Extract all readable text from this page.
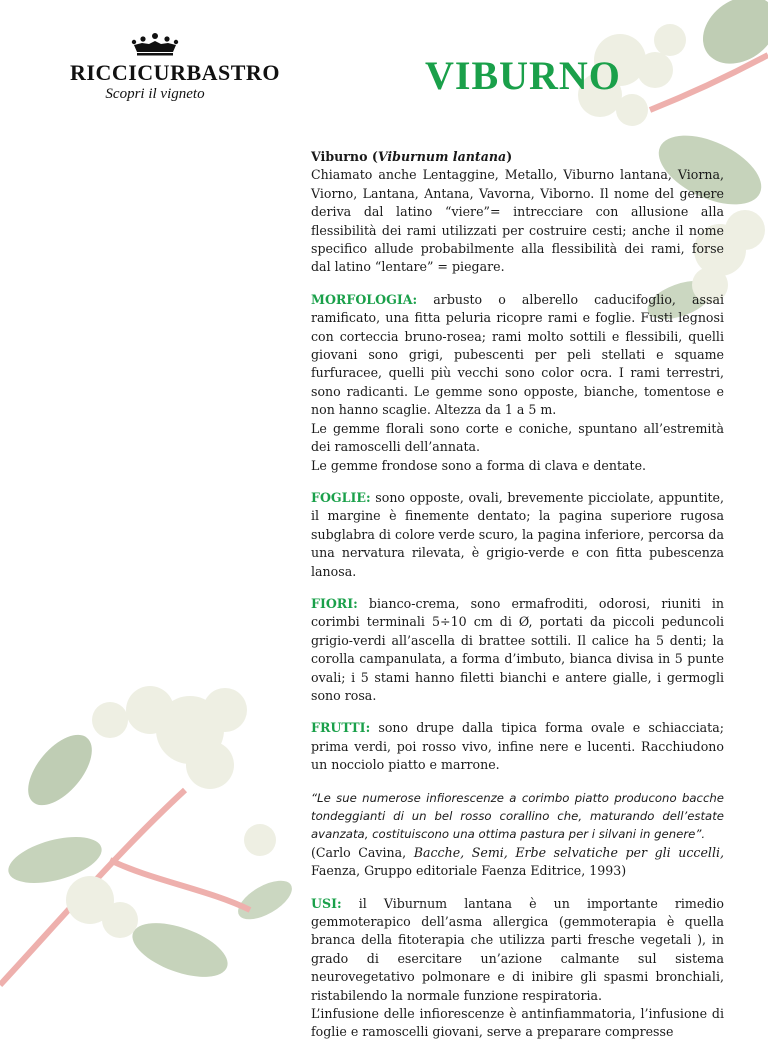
RICCICURBASTRO
Scopri il vigneto	VIBURNO

Viburno (Viburnum lantana)

Chiamato anche Lentaggine, Metallo, Viburno lantana, Viorna, Viorno, Lantana, Antana, Vavorna, Viborno. Il nome del genere deriva dal latino “viere”= intrecciare con allusione alla flessibilità dei rami utilizzati per costruire cesti; anche il nome specifico allude probabilmente alla flessibilità dei rami, forse dal latino “lentare” = piegare.

MORFOLOGIA: arbusto o alberello caducifoglio, assai ramificato, una fitta peluria ricopre rami e foglie. Fusti legnosi con corteccia bruno-rosea; rami molto sottili e flessibili, quelli giovani sono grigi, pubescenti per peli stellati e squame furfuracee, quelli più vecchi sono color ocra. I rami terrestri, sono radicanti. Le gemme sono opposte, bianche, tomentose e non hanno scaglie. Altezza da 1 a 5 m.

Le gemme florali sono corte e coniche, spuntano all’estremità dei ramoscelli dell’annata.

Le gemme frondose sono a forma di clava e dentate.

FOGLIE: sono opposte, ovali, brevemente picciolate, appuntite, il margine è finemente dentato; la pagina superiore rugosa subglabra di colore verde scuro, la pagina inferiore, percorsa da una nervatura rilevata, è grigio-verde e con fitta pubescenza lanosa.

FIORI: bianco-crema, sono ermafroditi, odorosi, riuniti in corimbi terminali 5÷10 cm di Ø, portati da piccoli peduncoli grigio-verdi all’ascella di brattee sottili. Il calice ha 5 denti; la corolla campanulata, a forma d’imbuto, bianca divisa in 5 punte ovali; i 5 stami hanno filetti bianchi e antere gialle, i germogli sono rosa.

FRUTTI: sono drupe dalla tipica forma ovale e schiacciata; prima verdi, poi rosso vivo, infine nere e lucenti. Racchiudono un nocciolo piatto e marrone.

“Le sue numerose infiorescenze a corimbo piatto producono bacche tondeggianti di un bel rosso corallino che, maturando dell’estate avanzata, costituiscono una ottima pastura per i silvani in genere”.
(Carlo Cavina, Bacche, Semi, Erbe selvatiche per gli uccelli, Faenza, Gruppo editoriale Faenza Editrice, 1993)

USI: il Viburnum lantana è un importante rimedio gemmoterapico dell’asma allergica (gemmoterapia è quella branca della fitoterapia che utilizza parti fresche vegetali ), in grado di esercitare un’azione calmante sul sistema neurovegetativo polmonare e di inibire gli spasmi bronchiali, ristabilendo la normale funzione respiratoria.

L’infusione delle infiorescenze è antinfiammatoria, l’infusione di foglie e ramoscelli giovani, serve a preparare compresse
